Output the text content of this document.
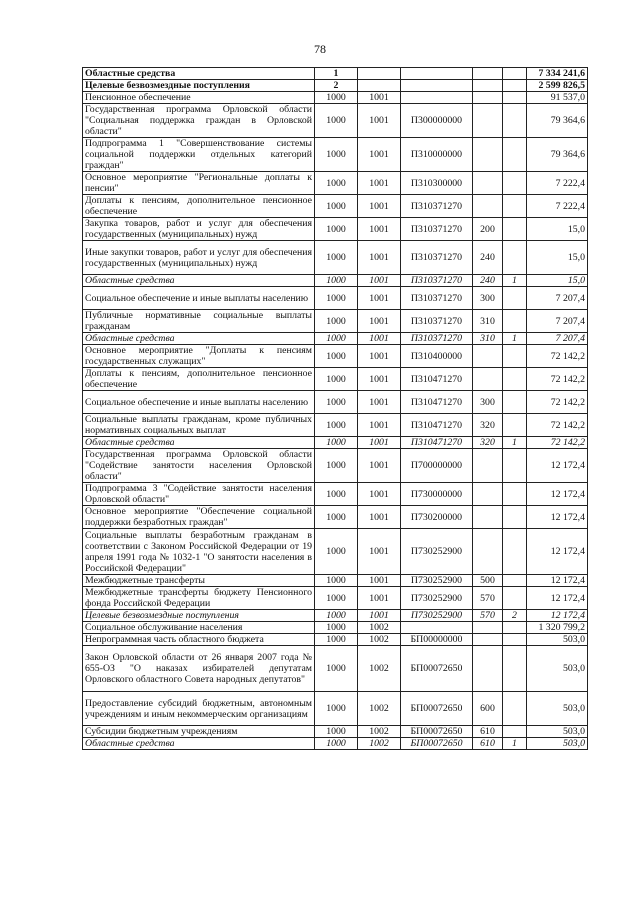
78
Областные средства	1					7 334 241,6
Целевые безвозмездные поступления	2					2 599 826,5
Пенсионное обеспечение	1000	1001				91 537,0
Государственная программа Орловской области "Социальная поддержка граждан в Орловской области"	1000	1001	П300000000			79 364,6
Подпрограмма 1 "Совершенствование системы социальной поддержки отдельных категорий граждан"	1000	1001	П310000000			79 364,6
Основное мероприятие "Региональные доплаты к пенсии"	1000	1001	П310300000			7 222,4
Доплаты к пенсиям, дополнительное пенсионное обеспечение	1000	1001	П310371270			7 222,4
Закупка товаров, работ и услуг для обеспечения государственных (муниципальных) нужд	1000	1001	П310371270	200		15,0
Иные закупки товаров, работ и услуг для обеспечения государственных (муниципальных) нужд	1000	1001	П310371270	240		15,0
Областные средства	1000	1001	П310371270	240	1	15,0
Социальное обеспечение и иные выплаты населению	1000	1001	П310371270	300		7 207,4
Публичные нормативные социальные выплаты гражданам	1000	1001	П310371270	310		7 207,4
Областные средства	1000	1001	П310371270	310	1	7 207,4
Основное мероприятие "Доплаты к пенсиям государственных служащих"	1000	1001	П310400000			72 142,2
Доплаты к пенсиям, дополнительное пенсионное обеспечение	1000	1001	П310471270			72 142,2
Социальное обеспечение и иные выплаты населению	1000	1001	П310471270	300		72 142,2
Социальные выплаты гражданам, кроме публичных нормативных социальных выплат	1000	1001	П310471270	320		72 142,2
Областные средства	1000	1001	П310471270	320	1	72 142,2
Государственная программа Орловской области "Содействие занятости населения Орловской области"	1000	1001	П700000000			12 172,4
Подпрограмма 3 "Содействие занятости населения Орловской области"	1000	1001	П730000000			12 172,4
Основное мероприятие "Обеспечение социальной поддержки безработных граждан"	1000	1001	П730200000			12 172,4
Социальные выплаты безработным гражданам в соответствии с Законом Российской Федерации от 19 апреля 1991 года № 1032-1 "О занятости населения в Российской Федерации"	1000	1001	П730252900			12 172,4
Межбюджетные трансферты	1000	1001	П730252900	500		12 172,4
Межбюджетные трансферты бюджету Пенсионного фонда Российской Федерации	1000	1001	П730252900	570		12 172,4
Целевые безвозмездные поступления	1000	1001	П730252900	570	2	12 172,4
Социальное обслуживание населения	1000	1002				1 320 799,2
Непрограммная часть областного бюджета	1000	1002	БП00000000			503,0
Закон Орловской области от 26 января 2007 года № 655-ОЗ "О наказах избирателей депутатам Орловского областного Совета народных депутатов"	1000	1002	БП00072650			503,0
Предоставление субсидий бюджетным, автономным учреждениям и иным некоммерческим организациям	1000	1002	БП00072650	600		503,0
Субсидии бюджетным учреждениям	1000	1002	БП00072650	610		503,0
Областные средства	1000	1002	БП00072650	610	1	503,0
